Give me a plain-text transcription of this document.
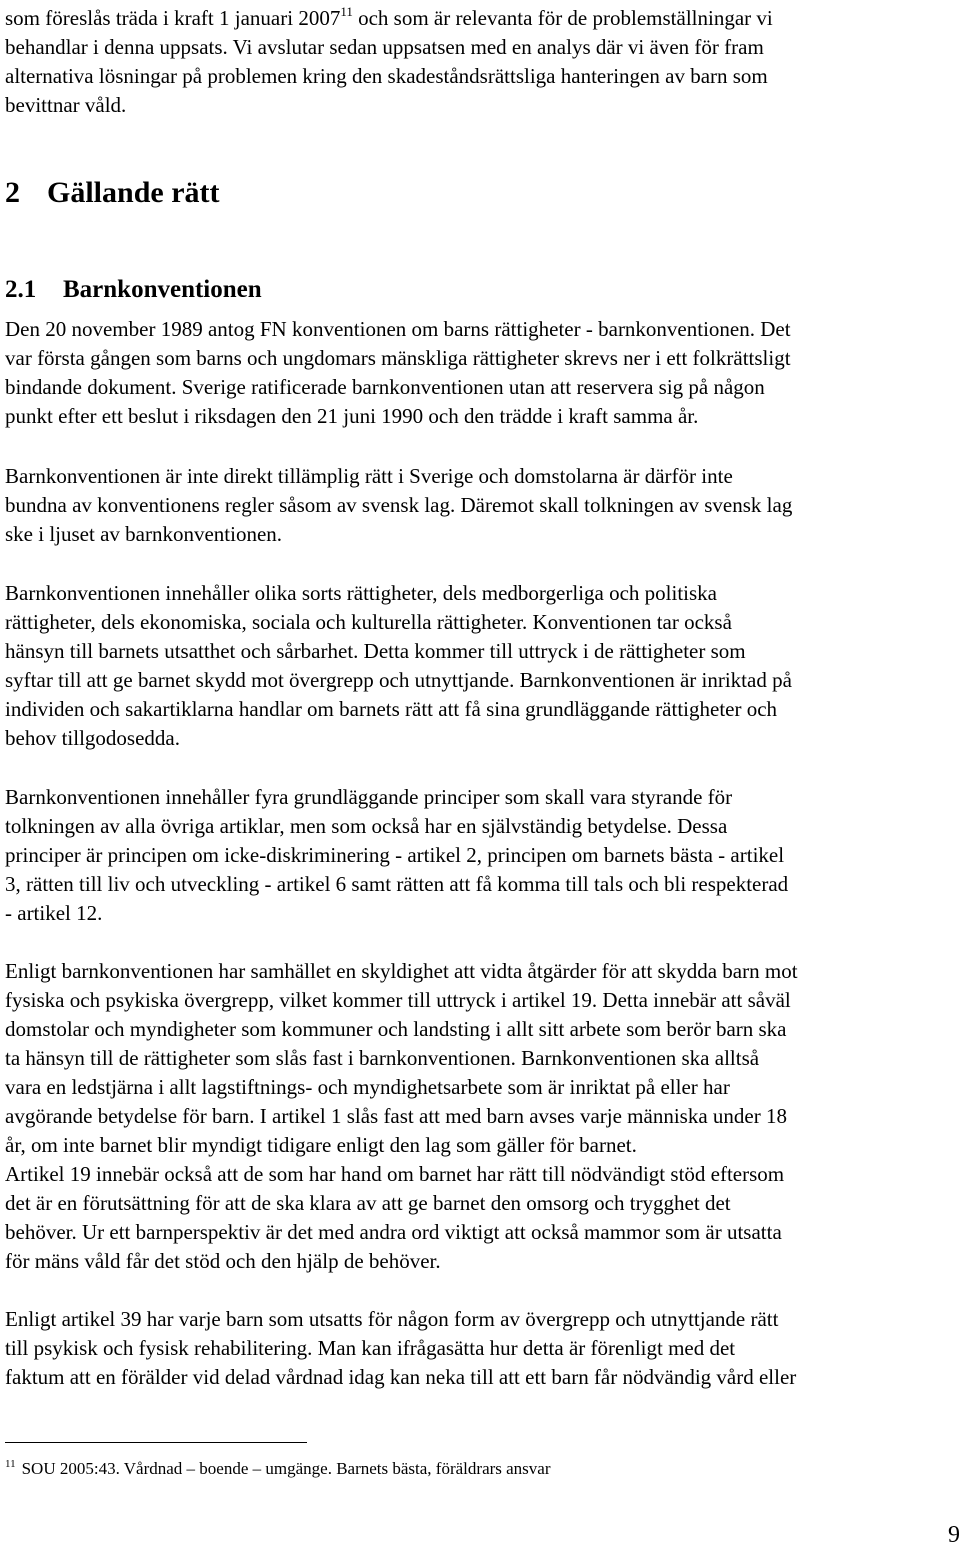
som föreslås träda i kraft 1 januari 2007$^{11}$ och som är relevanta för de problemställningar vi
behandlar i denna uppsats. Vi avslutar sedan uppsatsen med en analys där vi även för fram
alternativa lösningar på problemen kring den skadeståndsrättsliga hanteringen av barn som
bevittnar våld.
2 Gällande rätt
2.1 Barnkonventionen
Den 20 november 1989 antog FN konventionen om barns rättigheter - barnkonventionen. Det
var första gången som barns och ungdomars mänskliga rättigheter skrevs ner i ett folkrättsligt
bindande dokument. Sverige ratificerade barnkonventionen utan att reservera sig på någon
punkt efter ett beslut i riksdagen den 21 juni 1990 och den trädde i kraft samma år.
Barnkonventionen är inte direkt tillämplig rätt i Sverige och domstolarna är därför inte
bundna av konventionens regler såsom av svensk lag. Däremot skall tolkningen av svensk lag
ske i ljuset av barnkonventionen.
Barnkonventionen innehåller olika sorts rättigheter, dels medborgerliga och politiska
rättigheter, dels ekonomiska, sociala och kulturella rättigheter. Konventionen tar också
hänsyn till barnets utsatthet och sårbarhet. Detta kommer till uttryck i de rättigheter som
syftar till att ge barnet skydd mot övergrepp och utnyttjande. Barnkonventionen är inriktad på
individen och sakartiklarna handlar om barnets rätt att få sina grundläggande rättigheter och
behov tillgodosedda.
Barnkonventionen innehåller fyra grundläggande principer som skall vara styrande för
tolkningen av alla övriga artiklar, men som också har en självständig betydelse. Dessa
principer är principen om icke-diskriminering - artikel 2, principen om barnets bästa - artikel
3, rätten till liv och utveckling - artikel 6 samt rätten att få komma till tals och bli respekterad
- artikel 12.
Enligt barnkonventionen har samhället en skyldighet att vidta åtgärder för att skydda barn mot
fysiska och psykiska övergrepp, vilket kommer till uttryck i artikel 19. Detta innebär att såväl
domstolar och myndigheter som kommuner och landsting i allt sitt arbete som berör barn ska
ta hänsyn till de rättigheter som slås fast i barnkonventionen. Barnkonventionen ska alltså
vara en ledstjärna i allt lagstiftnings- och myndighetsarbete som är inriktat på eller har
avgörande betydelse för barn. I artikel 1 slås fast att med barn avses varje människa under 18
år, om inte barnet blir myndigt tidigare enligt den lag som gäller för barnet.
Artikel 19 innebär också att de som har hand om barnet har rätt till nödvändigt stöd eftersom
det är en förutsättning för att de ska klara av att ge barnet den omsorg och trygghet det
behöver. Ur ett barnperspektiv är det med andra ord viktigt att också mammor som är utsatta
för mäns våld får det stöd och den hjälp de behöver.
Enligt artikel 39 har varje barn som utsatts för någon form av övergrepp och utnyttjande rätt
till psykisk och fysisk rehabilitering. Man kan ifrågasätta hur detta är förenligt med det
faktum att en förälder vid delad vårdnad idag kan neka till att ett barn får nödvändig vård eller
$^{11}$ SOU 2005:43. Vårdnad – boende – umgänge. Barnets bästa, föräldrars ansvar
9
